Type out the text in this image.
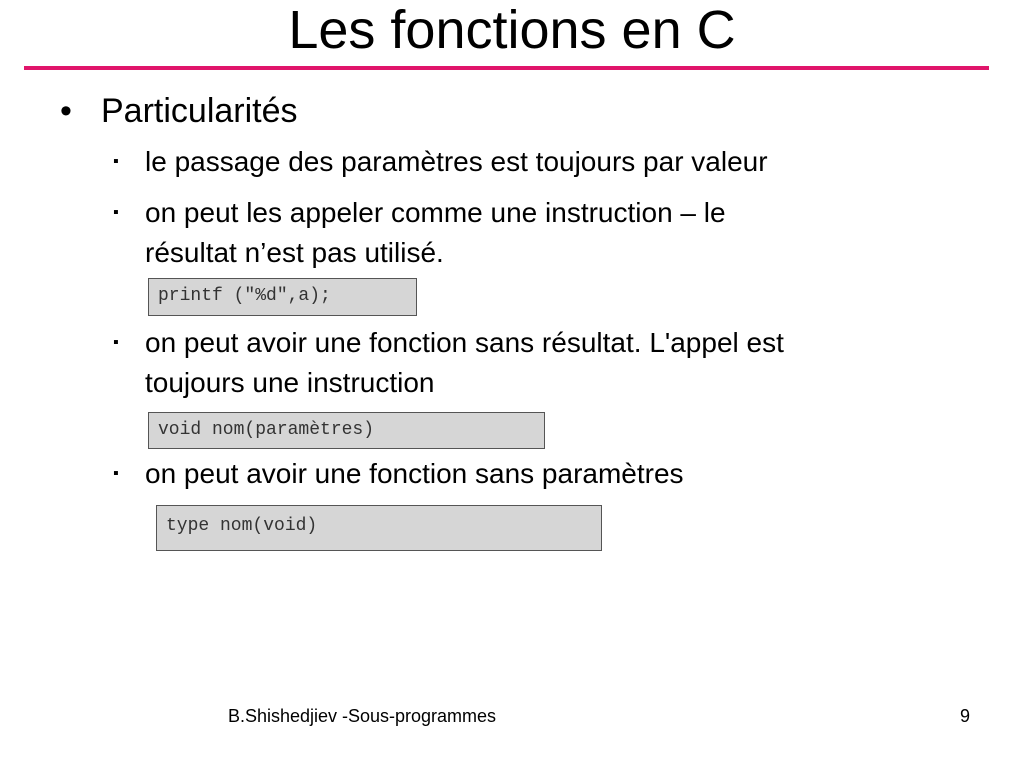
Les fonctions en C
• Particularités
▪ le passage des paramètres est toujours par valeur
▪ on peut les appeler comme une instruction – le
résultat n’est pas utilisé.
printf ("%d",a);
▪ on peut avoir une fonction sans résultat. L'appel est
toujours une instruction
void nom(paramètres)
▪ on peut avoir une fonction sans paramètres
type nom(void)
B.Shishedjiev -Sous-programmes	9
